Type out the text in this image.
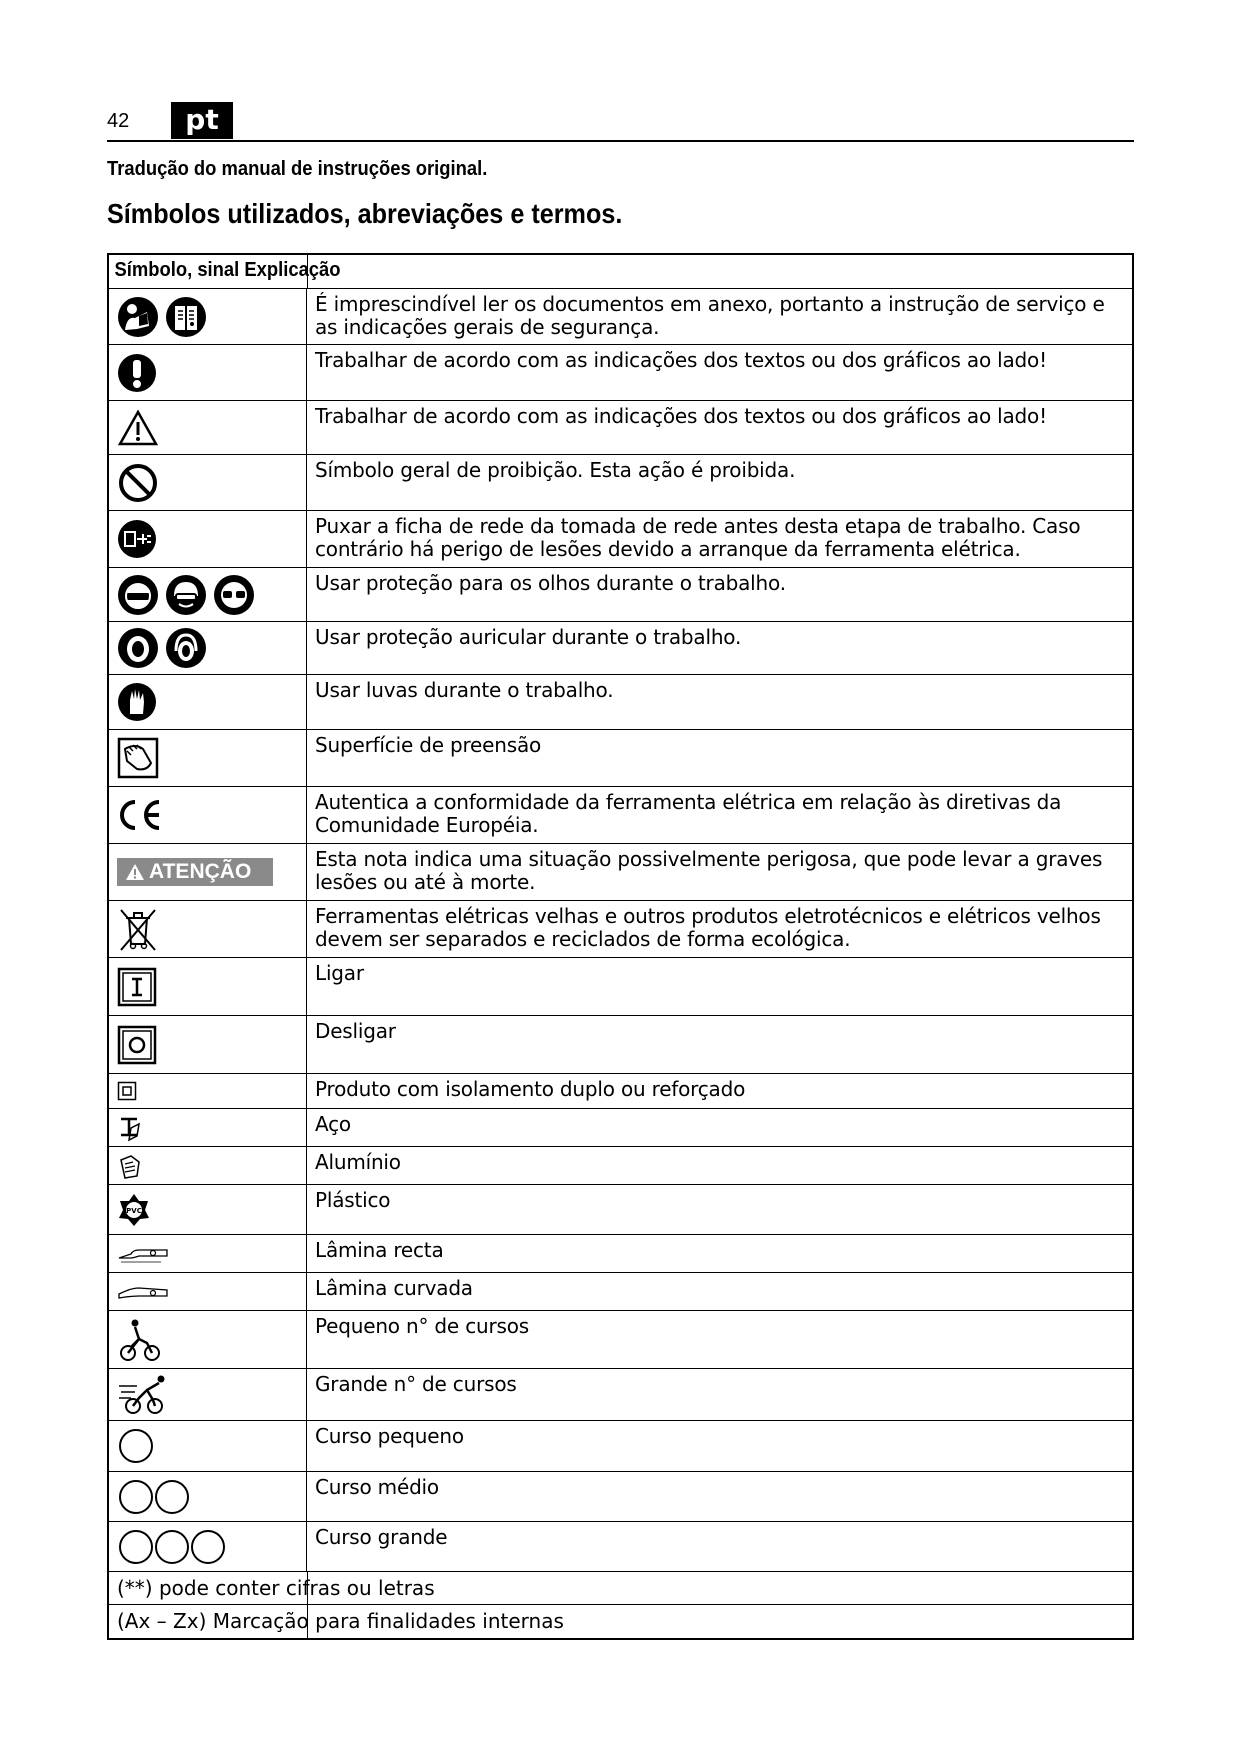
42	pt
Tradução do manual de instruções original.
Símbolos utilizados, abreviações e termos.
Símbolo, sinal Explicação
É imprescindível ler os documentos em anexo, portanto a instrução de serviço e as indicações gerais de segurança.
Trabalhar de acordo com as indicações dos textos ou dos gráficos ao lado!
Trabalhar de acordo com as indicações dos textos ou dos gráficos ao lado!
Símbolo geral de proibição. Esta ação é proibida.
Puxar a ficha de rede da tomada de rede antes desta etapa de trabalho. Caso contrário há perigo de lesões devido a arranque da ferramenta elétrica.
Usar proteção para os olhos durante o trabalho.
Usar proteção auricular durante o trabalho.
Usar luvas durante o trabalho.
Superfície de preensão
Autentica a conformidade da ferramenta elétrica em relação às diretivas da Comunidade Européia.
ATENÇÃO
Esta nota indica uma situação possivelmente perigosa, que pode levar a graves lesões ou até à morte.
Ferramentas elétricas velhas e outros produtos eletrotécnicos e elétricos velhos devem ser separados e reciclados de forma ecológica.
Ligar
Desligar
Produto com isolamento duplo ou reforçado
Aço
Alumínio
PVC	Plástico
Lâmina recta
Lâmina curvada
Pequeno n° de cursos
Grande n° de cursos
Curso pequeno
Curso médio
Curso grande
(**) pode conter cifras ou letras
(Ax – Zx) Marcação para finalidades internas
